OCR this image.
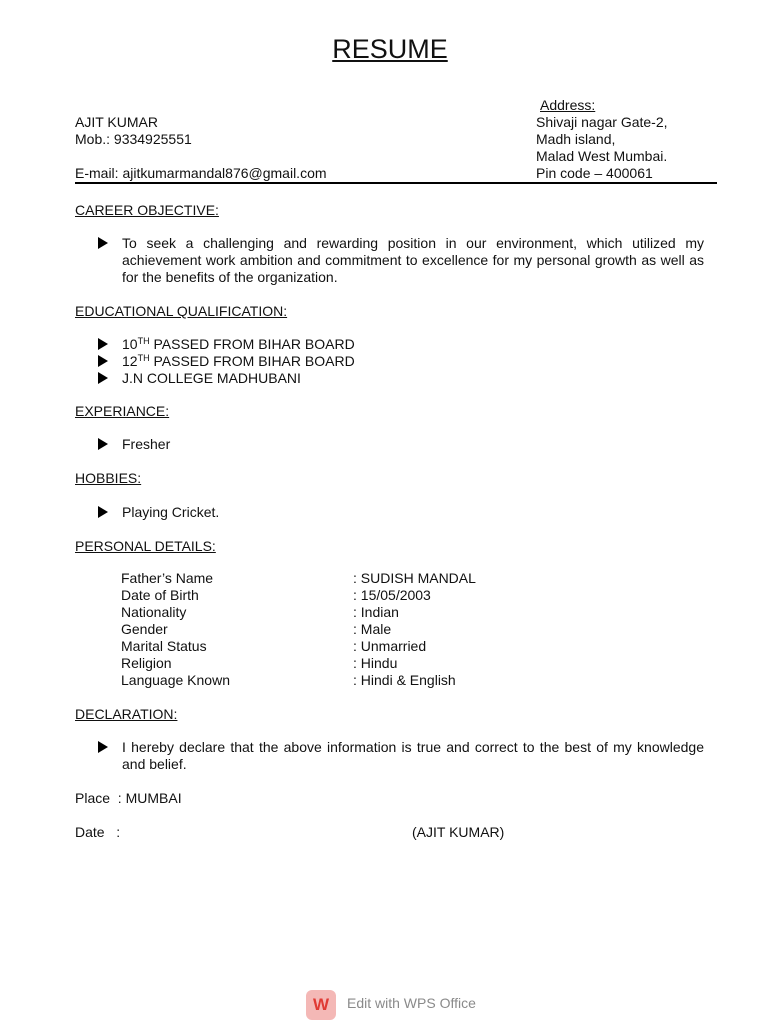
RESUME
AJIT KUMAR
Mob.: 9334925551
E-mail: ajitkumarmandal876@gmail.com
Address:
Shivaji nagar Gate-2,
Madh island,
Malad West Mumbai.
Pin code – 400061
CAREER OBJECTIVE:
To seek a challenging and rewarding position in our environment, which utilized my achievement work ambition and commitment to excellence for my personal growth as well as for the benefits of the organization.
EDUCATIONAL QUALIFICATION:
10TH PASSED FROM BIHAR BOARD
12TH PASSED FROM BIHAR BOARD
J.N COLLEGE MADHUBANI
EXPERIANCE:
Fresher
HOBBIES:
Playing Cricket.
PERSONAL DETAILS:
Father’s Name	: SUDISH MANDAL
Date of Birth	: 15/05/2003
Nationality	: Indian
Gender	: Male
Marital Status	: Unmarried
Religion	: Hindu
Language Known	: Hindi & English
DECLARATION:
I hereby declare that the above information is true and correct to the best of my knowledge and belief.
Place  : MUMBAI
Date   :	(AJIT KUMAR)
W	Edit with WPS Office
